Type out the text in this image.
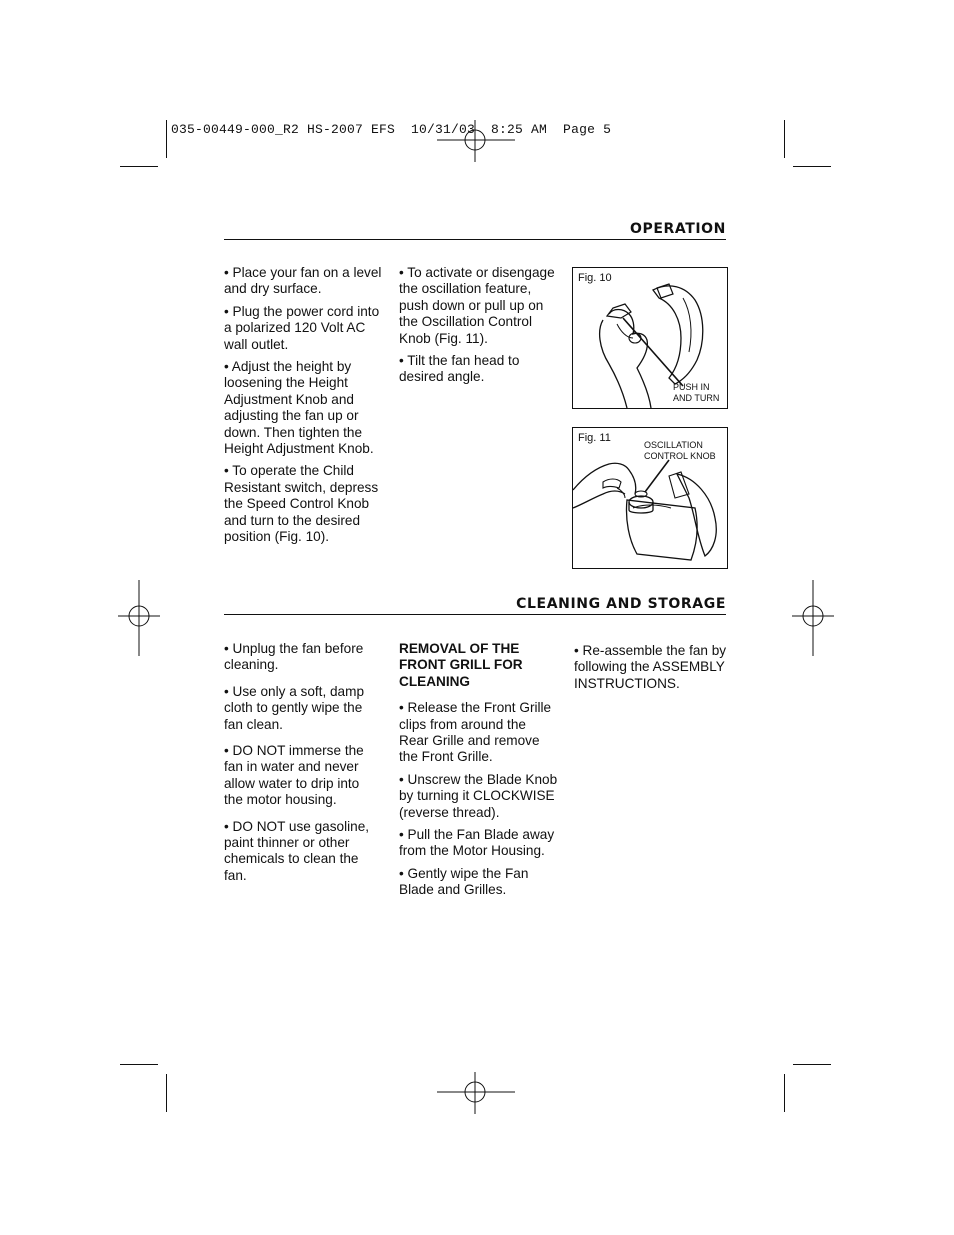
035-00449-000_R2 HS-2007 EFS  10/31/03  8:25 AM  Page 5
OPERATION

• Place your fan on a level and dry surface.

• Plug the power cord into a polarized 120 Volt AC wall outlet.

• Adjust the height by loosening the Height Adjustment Knob and adjusting the fan up or down. Then tighten the Height Adjustment Knob.

• To operate the Child Resistant switch, depress the Speed Control Knob and turn to the desired position (Fig. 10).

• To activate or disengage the oscillation feature, push down or pull up on the Oscillation Control Knob (Fig. 11).

• Tilt the fan head to desired angle.

Fig. 10
PUSH IN
AND TURN
Fig. 11
OSCILLATION
CONTROL KNOB
CLEANING AND STORAGE

• Unplug the fan before cleaning.

• Use only a soft, damp cloth to gently wipe the fan clean.

• DO NOT immerse the fan in water and never allow water to drip into the motor housing.

• DO NOT use gasoline, paint thinner or other chemicals to clean the fan.

REMOVAL OF THE FRONT GRILL FOR CLEANING

• Release the Front Grille clips from around the Rear Grille and remove the Front Grille.

• Unscrew the Blade Knob by turning it CLOCKWISE (reverse thread).

• Pull the Fan Blade away from the Motor Housing.

• Gently wipe the Fan Blade and Grilles.

• Re-assemble the fan by following the ASSEMBLY INSTRUCTIONS.
